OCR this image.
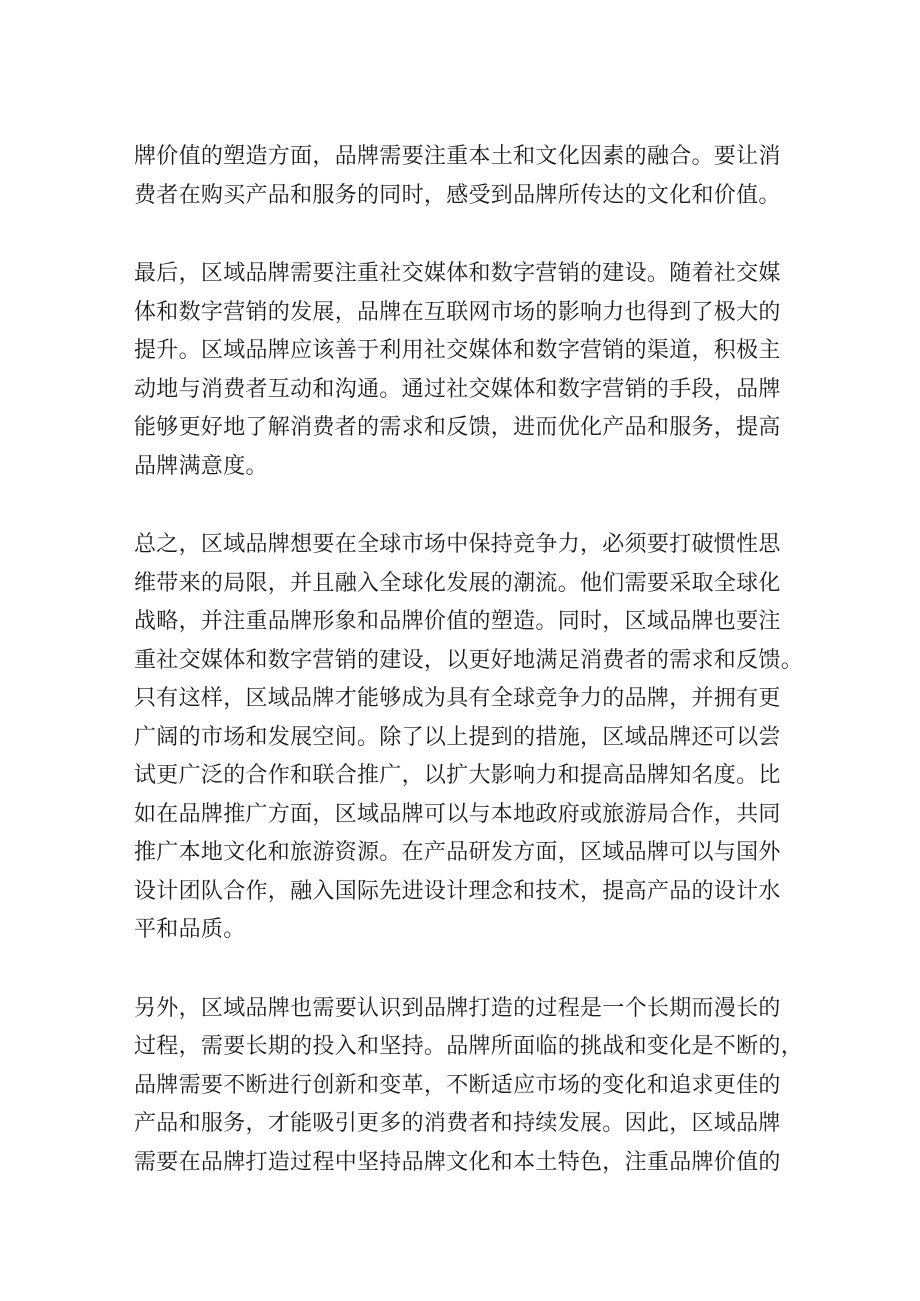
牌价值的塑造方面，品牌需要注重本土和文化因素的融合。要让消
费者在购买产品和服务的同时，感受到品牌所传达的文化和价值。

最后，区域品牌需要注重社交媒体和数字营销的建设。随着社交媒
体和数字营销的发展，品牌在互联网市场的影响力也得到了极大的
提升。区域品牌应该善于利用社交媒体和数字营销的渠道，积极主
动地与消费者互动和沟通。通过社交媒体和数字营销的手段，品牌
能够更好地了解消费者的需求和反馈，进而优化产品和服务，提高
品牌满意度。

总之，区域品牌想要在全球市场中保持竞争力，必须要打破惯性思
维带来的局限，并且融入全球化发展的潮流。他们需要采取全球化
战略，并注重品牌形象和品牌价值的塑造。同时，区域品牌也要注
重社交媒体和数字营销的建设，以更好地满足消费者的需求和反馈。
只有这样，区域品牌才能够成为具有全球竞争力的品牌，并拥有更
广阔的市场和发展空间。除了以上提到的措施，区域品牌还可以尝
试更广泛的合作和联合推广，以扩大影响力和提高品牌知名度。比
如在品牌推广方面，区域品牌可以与本地政府或旅游局合作，共同
推广本地文化和旅游资源。在产品研发方面，区域品牌可以与国外
设计团队合作，融入国际先进设计理念和技术，提高产品的设计水
平和品质。

另外，区域品牌也需要认识到品牌打造的过程是一个长期而漫长的
过程，需要长期的投入和坚持。品牌所面临的挑战和变化是不断的，
品牌需要不断进行创新和变革，不断适应市场的变化和追求更佳的
产品和服务，才能吸引更多的消费者和持续发展。因此，区域品牌
需要在品牌打造过程中坚持品牌文化和本土特色，注重品牌价值的
